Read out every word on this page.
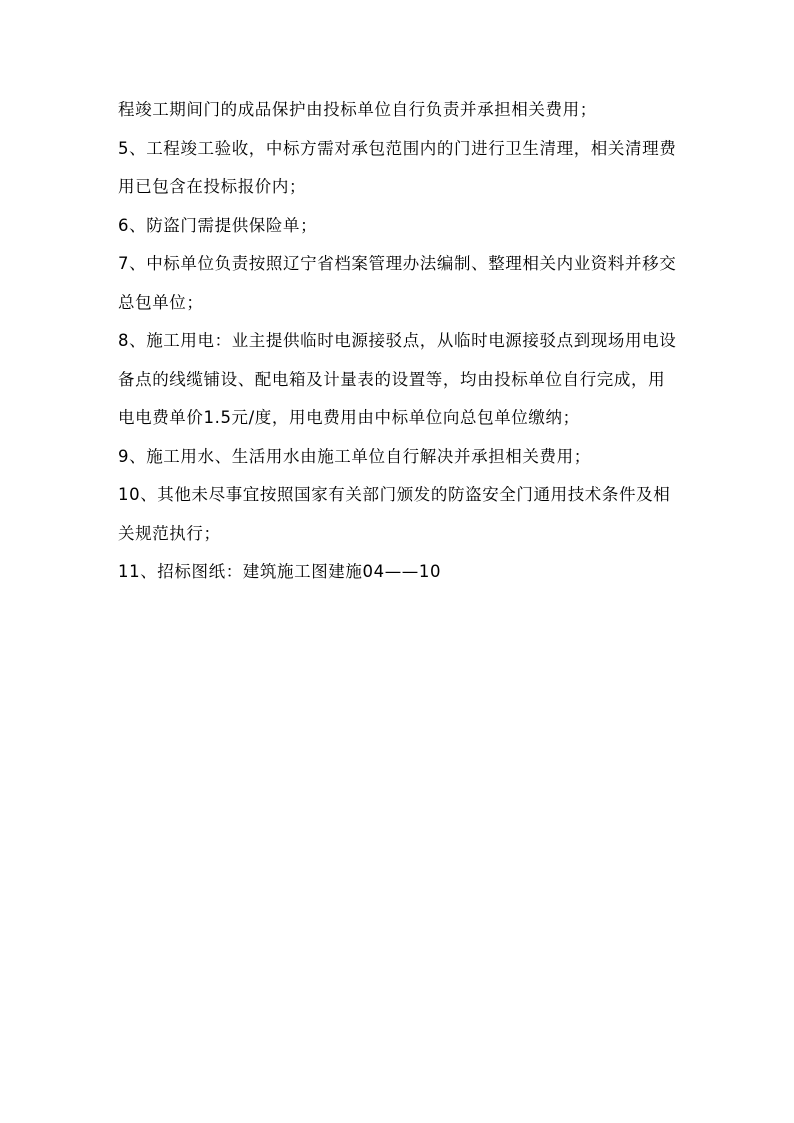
程竣工期间门的成品保护由投标单位自行负责并承担相关费用；

5、工程竣工验收，中标方需对承包范围内的门进行卫生清理，相关清理费

用已包含在投标报价内；

6、防盗门需提供保险单；

7、中标单位负责按照辽宁省档案管理办法编制、整理相关内业资料并移交

总包单位；

8、施工用电：业主提供临时电源接驳点，从临时电源接驳点到现场用电设

备点的线缆铺设、配电箱及计量表的设置等，均由投标单位自行完成，用

电电费单价1.5元/度，用电费用由中标单位向总包单位缴纳；

9、施工用水、生活用水由施工单位自行解决并承担相关费用；

10、其他未尽事宜按照国家有关部门颁发的防盗安全门通用技术条件及相

关规范执行；

11、招标图纸：建筑施工图建施04——10
